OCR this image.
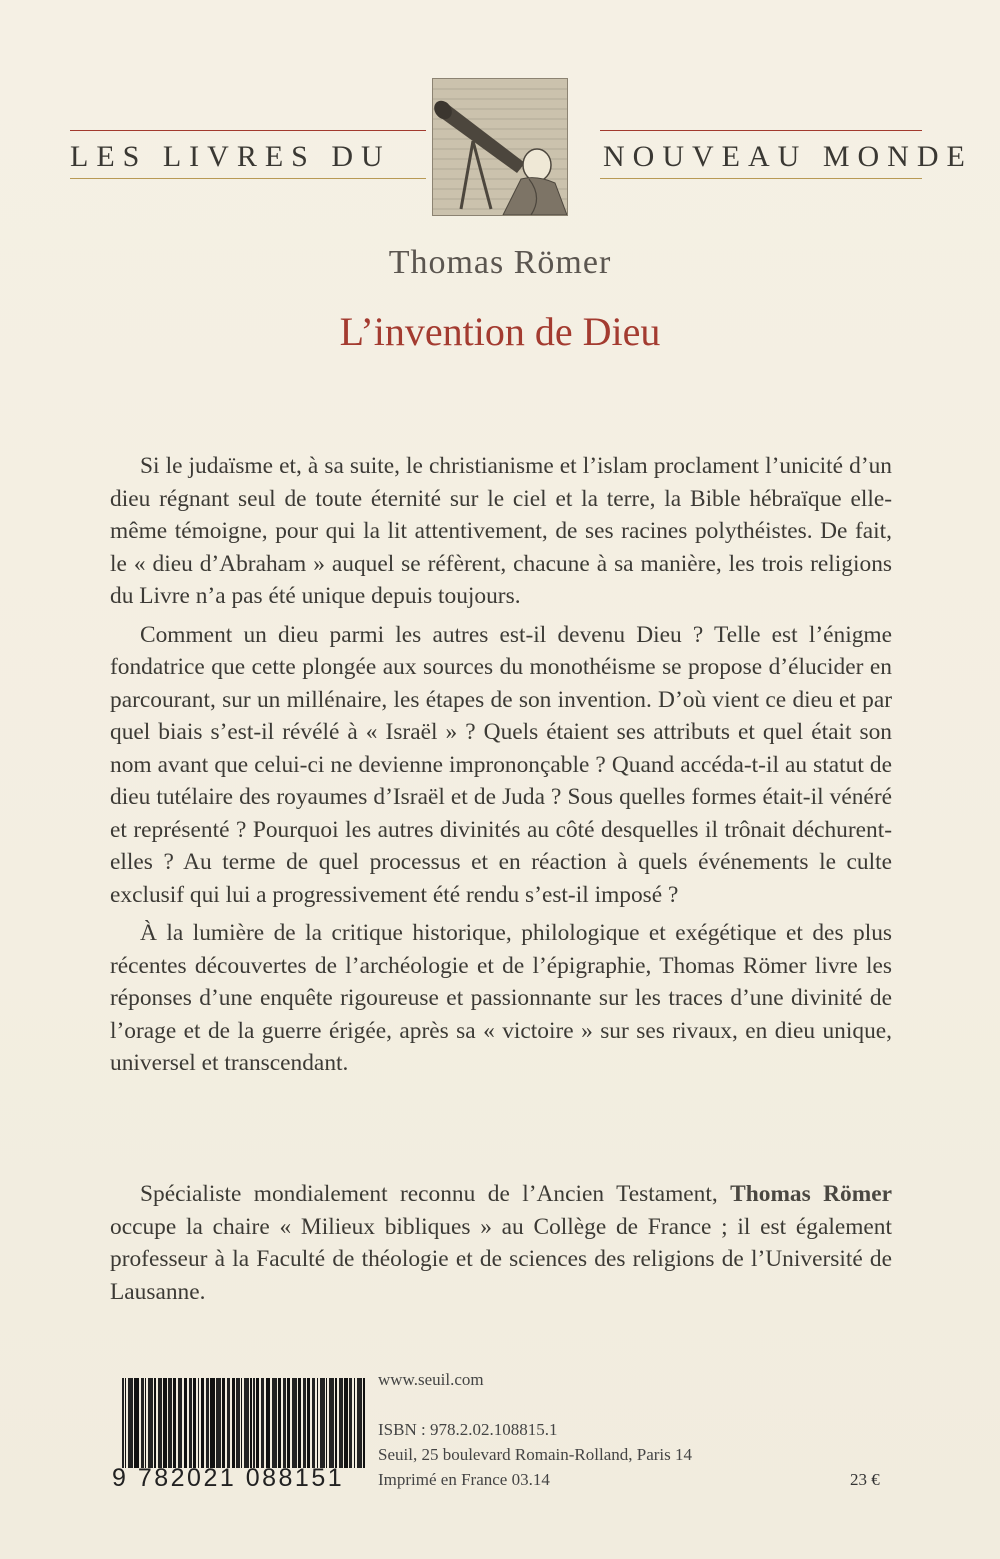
LES LIVRES DU	NOUVEAU MONDE
Thomas Römer
L’invention de Dieu

Si le judaïsme et, à sa suite, le christianisme et l’islam proclament l’unicité d’un dieu régnant seul de toute éternité sur le ciel et la terre, la Bible hébraïque elle-même témoigne, pour qui la lit attentivement, de ses racines polythéistes. De fait, le « dieu d’Abraham » auquel se réfèrent, chacune à sa manière, les trois religions du Livre n’a pas été unique depuis toujours.

Comment un dieu parmi les autres est-il devenu Dieu ? Telle est l’énigme fondatrice que cette plongée aux sources du monothéisme se propose d’élucider en parcourant, sur un millénaire, les étapes de son invention. D’où vient ce dieu et par quel biais s’est-il révélé à « Israël » ? Quels étaient ses attributs et quel était son nom avant que celui-ci ne devienne imprononçable ? Quand accéda-t-il au statut de dieu tutélaire des royaumes d’Israël et de Juda ? Sous quelles formes était-il vénéré et représenté ? Pourquoi les autres divinités au côté desquelles il trônait déchurent-elles ? Au terme de quel processus et en réaction à quels événements le culte exclusif qui lui a progressivement été rendu s’est-il imposé ?

À la lumière de la critique historique, philologique et exégétique et des plus récentes découvertes de l’archéologie et de l’épigraphie, Thomas Römer livre les réponses d’une enquête rigoureuse et passionnante sur les traces d’une divinité de l’orage et de la guerre érigée, après sa « victoire » sur ses rivaux, en dieu unique, universel et transcendant.

Spécialiste mondialement reconnu de l’Ancien Testament, Thomas Römer occupe la chaire « Milieux bibliques » au Collège de France ; il est également professeur à la Faculté de théologie et de sciences des religions de l’Université de Lausanne.

9 782021 088151
www.seuil.com
ISBN : 978.2.02.108815.1
Seuil, 25 boulevard Romain-Rolland, Paris 14
Imprimé en France 03.14	23 €
